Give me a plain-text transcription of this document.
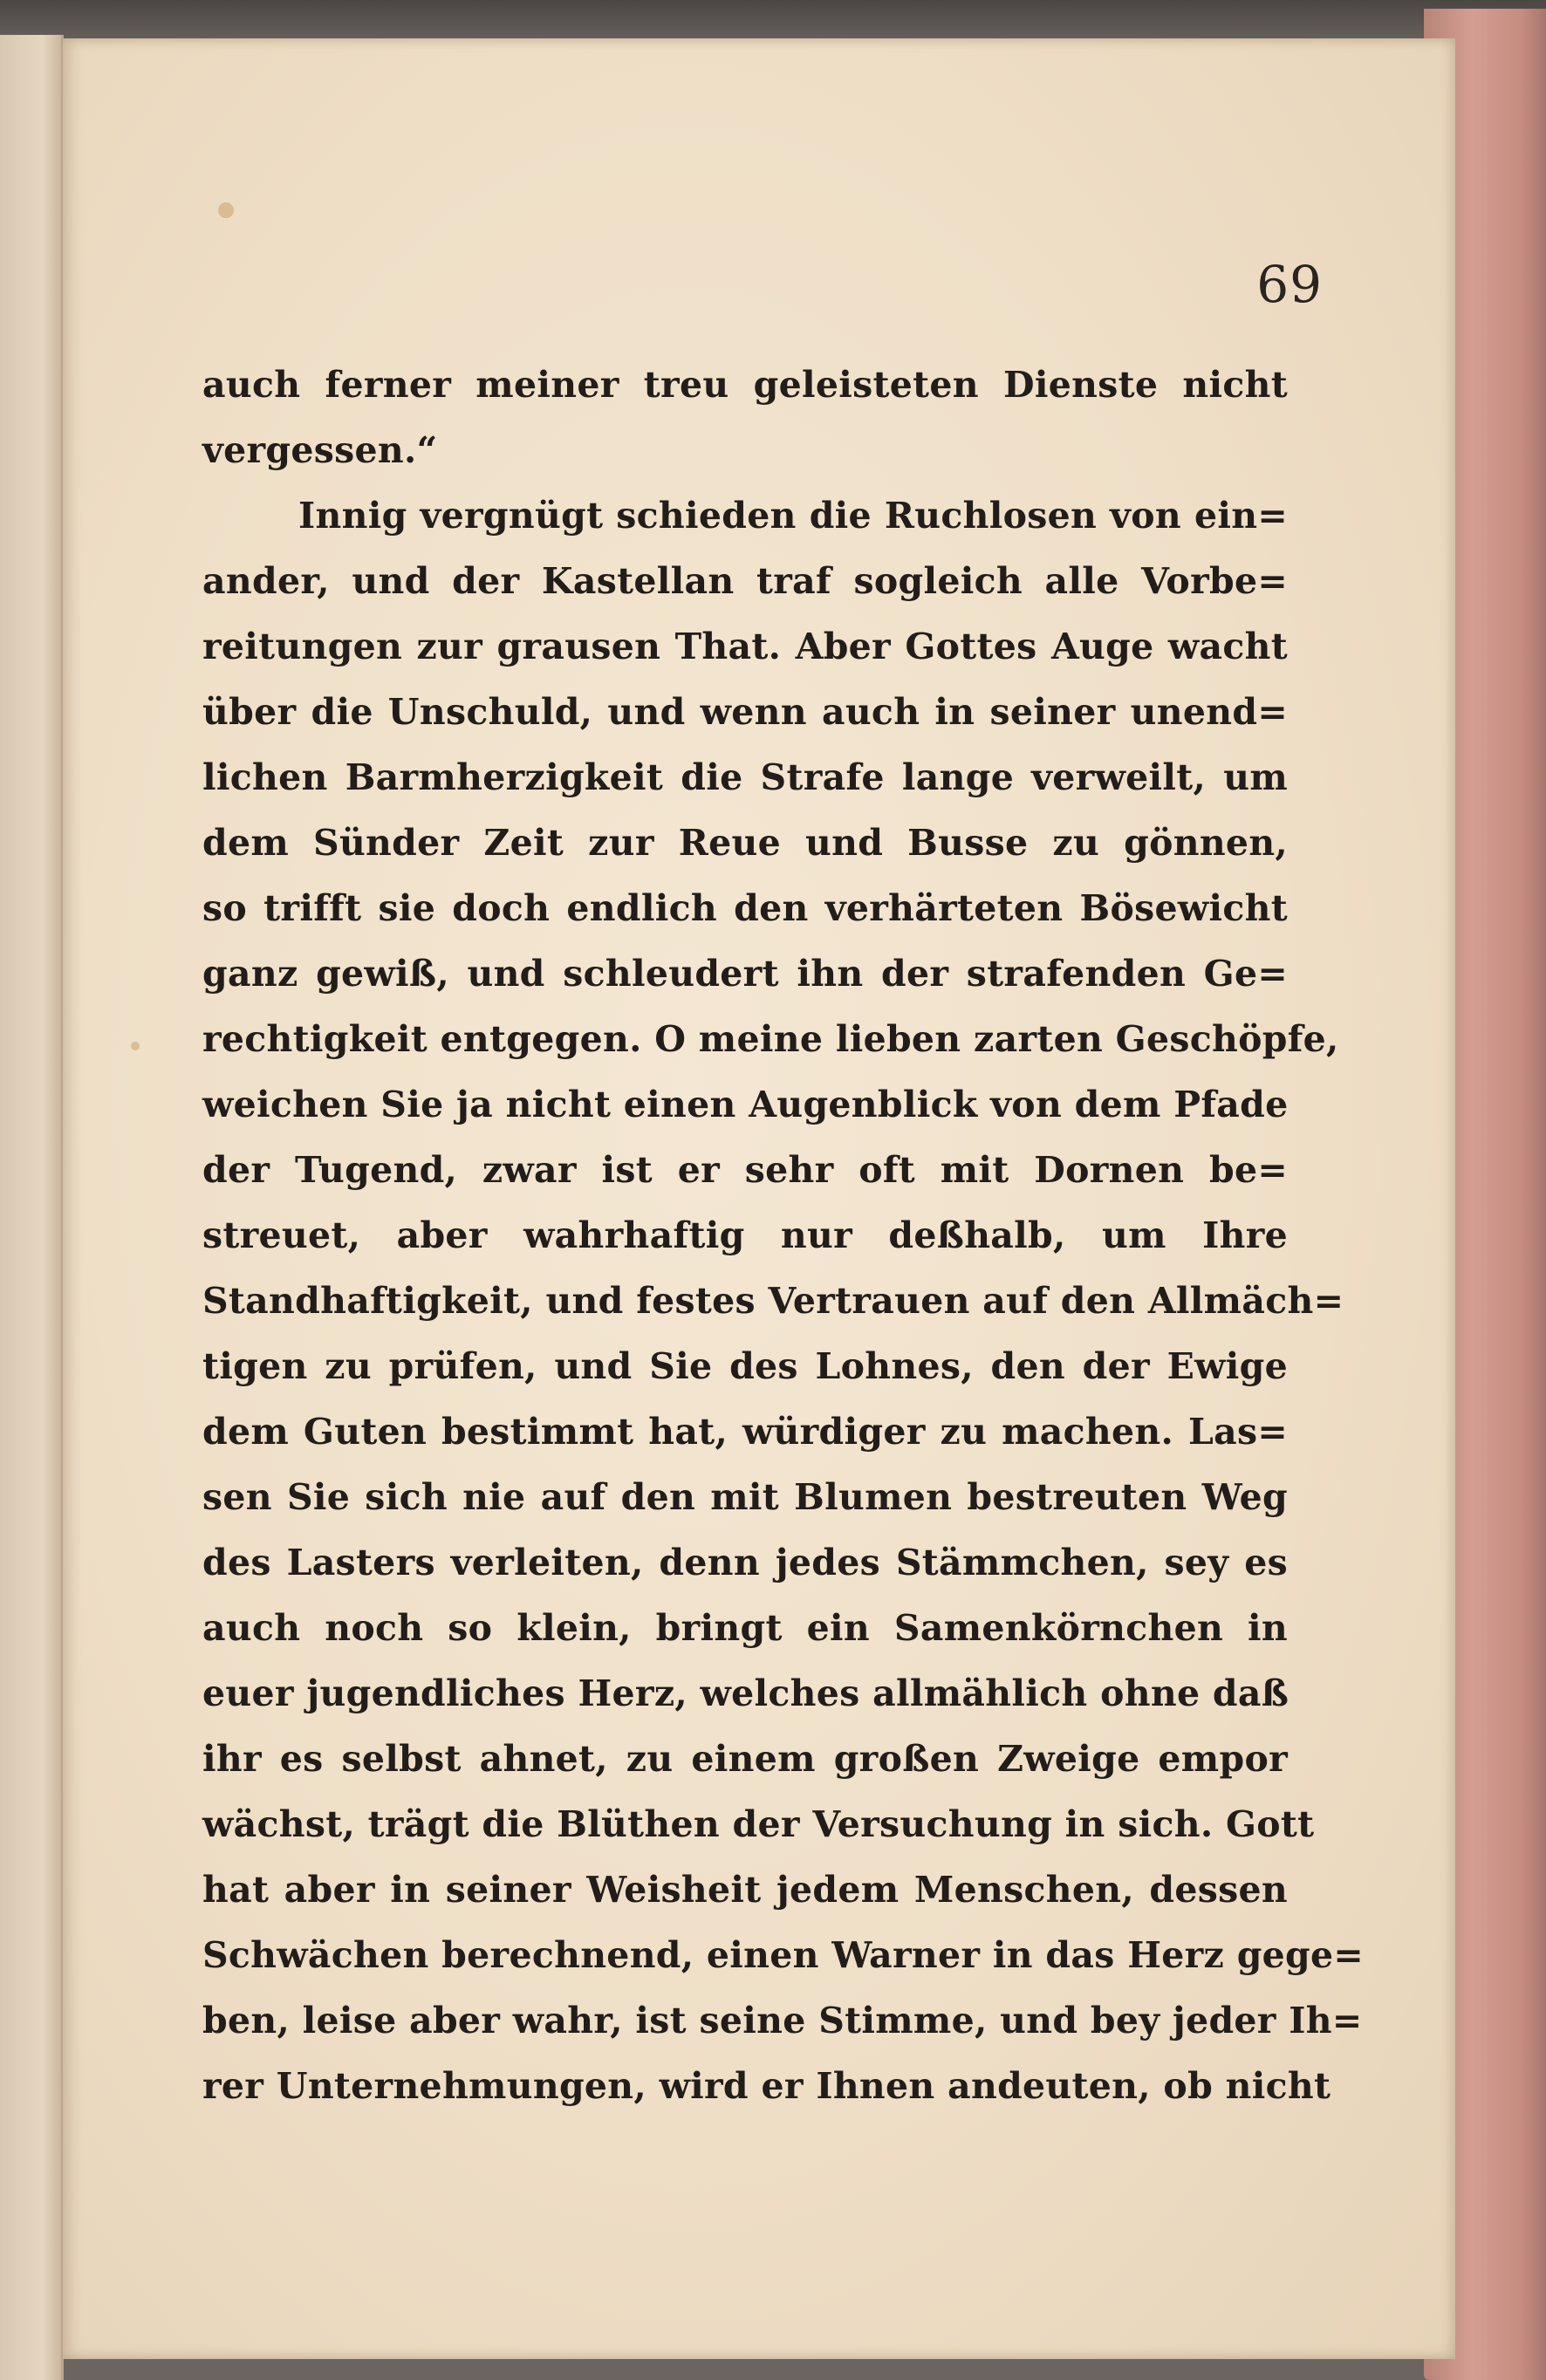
69
auch ferner meiner treu geleisteten Dienste nicht
vergessen.“
Innig vergnügt schieden die Ruchlosen von ein=
ander, und der Kastellan traf sogleich alle Vorbe=
reitungen zur grausen That. Aber Gottes Auge wacht
über die Unschuld, und wenn auch in seiner unend=
lichen Barmherzigkeit die Strafe lange verweilt, um
dem Sünder Zeit zur Reue und Busse zu gönnen,
so trifft sie doch endlich den verhärteten Bösewicht
ganz gewiß, und schleudert ihn der strafenden Ge=
rechtigkeit entgegen. O meine lieben zarten Geschöpfe,
weichen Sie ja nicht einen Augenblick von dem Pfade
der Tugend, zwar ist er sehr oft mit Dornen be=
streuet, aber wahrhaftig nur deßhalb, um Ihre
Standhaftigkeit, und festes Vertrauen auf den Allmäch=
tigen zu prüfen, und Sie des Lohnes, den der Ewige
dem Guten bestimmt hat, würdiger zu machen. Las=
sen Sie sich nie auf den mit Blumen bestreuten Weg
des Lasters verleiten, denn jedes Stämmchen, sey es
auch noch so klein, bringt ein Samenkörnchen in
euer jugendliches Herz, welches allmählich ohne daß
ihr es selbst ahnet, zu einem großen Zweige empor
wächst, trägt die Blüthen der Versuchung in sich. Gott
hat aber in seiner Weisheit jedem Menschen, dessen
Schwächen berechnend, einen Warner in das Herz gege=
ben, leise aber wahr, ist seine Stimme, und bey jeder Ih=
rer Unternehmungen, wird er Ihnen andeuten, ob nicht
